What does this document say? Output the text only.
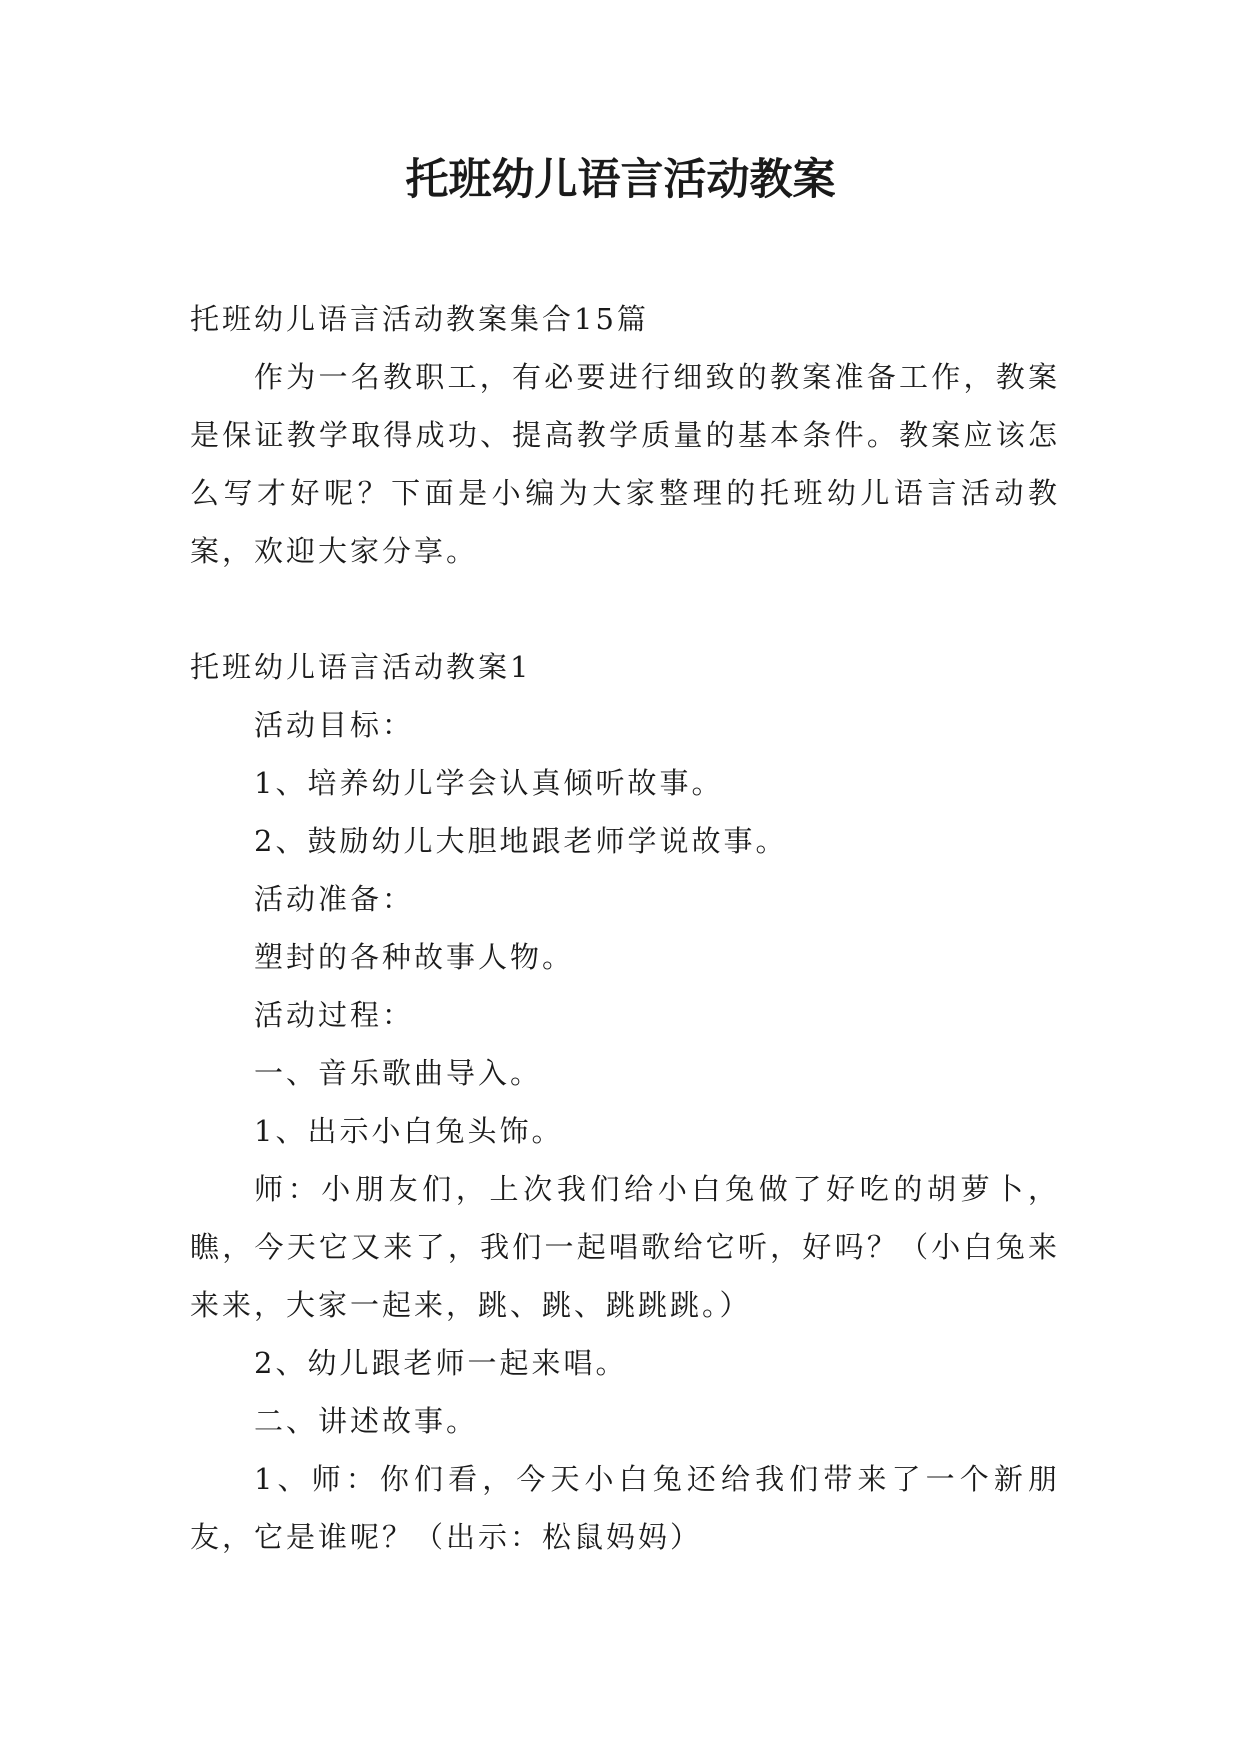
托班幼儿语言活动教案

托班幼儿语言活动教案集合15篇

作为一名教职工，有必要进行细致的教案准备工作，教案是保证教学取得成功、提高教学质量的基本条件。教案应该怎么写才好呢？下面是小编为大家整理的托班幼儿语言活动教案，欢迎大家分享。

托班幼儿语言活动教案1

活动目标：

1、培养幼儿学会认真倾听故事。

2、鼓励幼儿大胆地跟老师学说故事。

活动准备：

塑封的各种故事人物。

活动过程：

一、音乐歌曲导入。

1、出示小白兔头饰。

师：小朋友们，上次我们给小白兔做了好吃的胡萝卜，瞧，今天它又来了，我们一起唱歌给它听，好吗？（小白兔来来来，大家一起来，跳、跳、跳跳跳。）

2、幼儿跟老师一起来唱。

二、讲述故事。

1、师：你们看，今天小白兔还给我们带来了一个新朋友，它是谁呢？（出示：松鼠妈妈）
